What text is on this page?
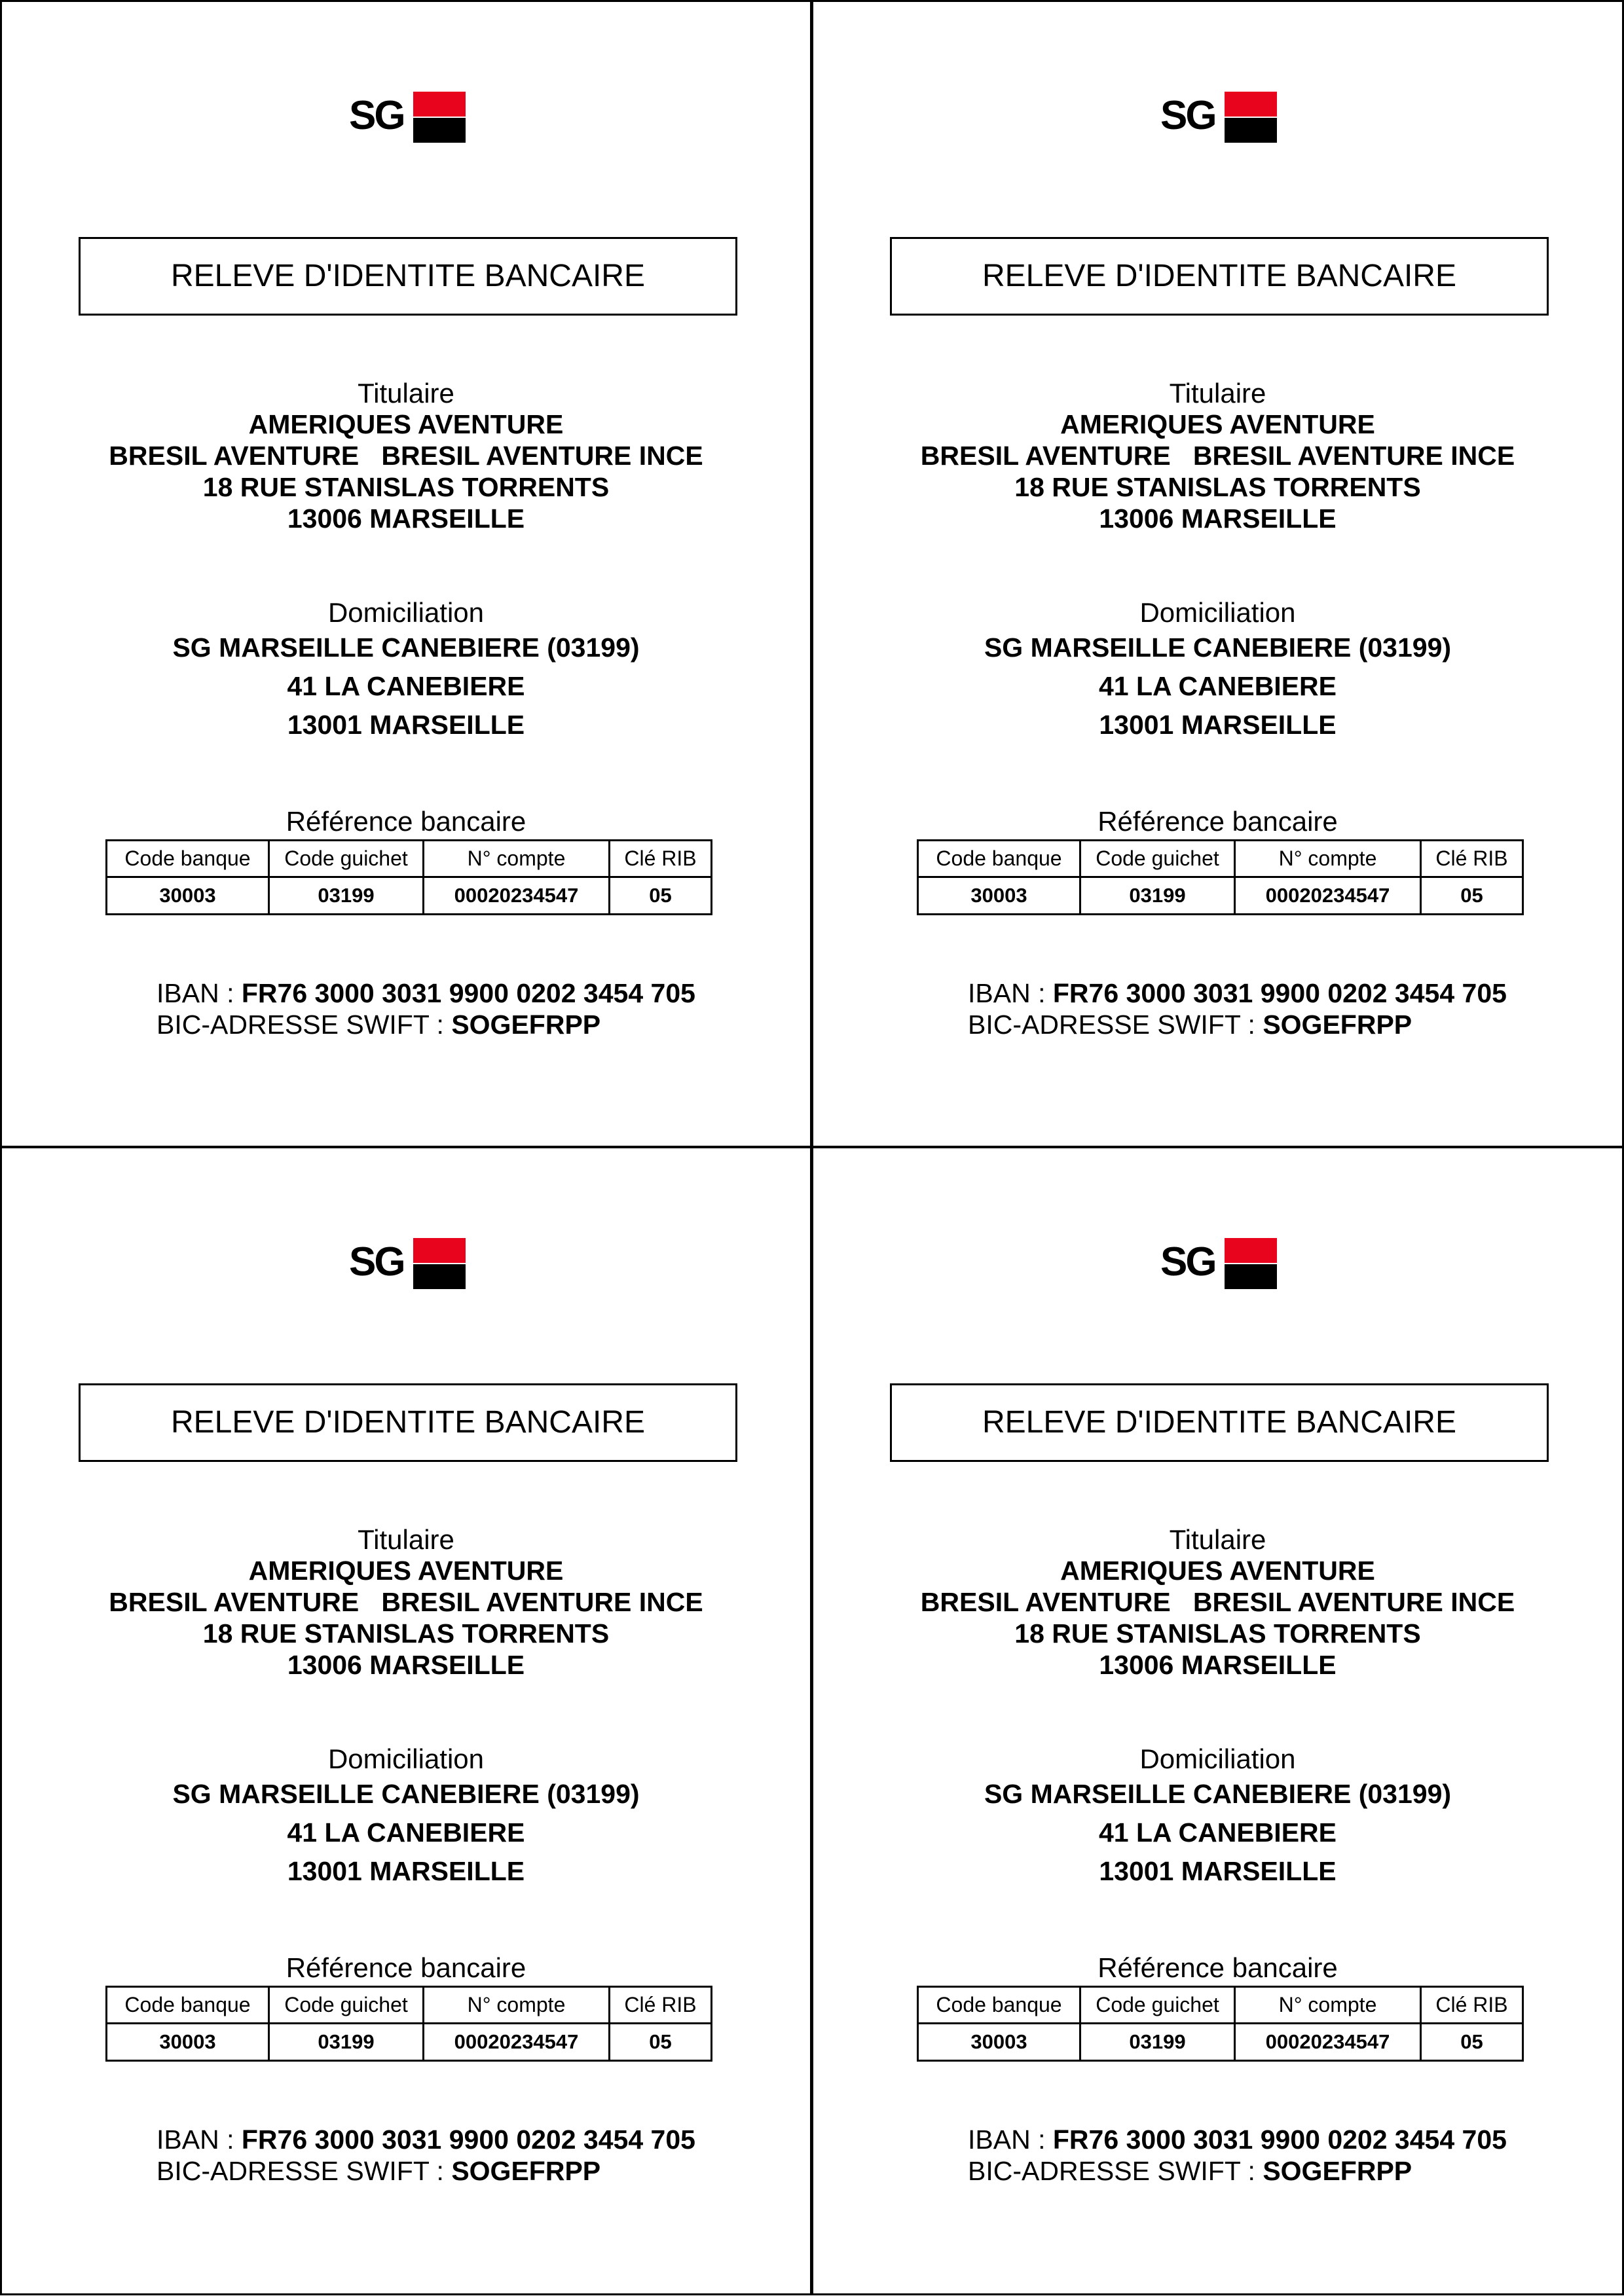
SG
RELEVE D'IDENTITE BANCAIRE
Titulaire
AMERIQUES AVENTURE
BRESIL AVENTURE   BRESIL AVENTURE INCE
18 RUE STANISLAS TORRENTS
13006 MARSEILLE
Domiciliation
SG MARSEILLE CANEBIERE (03199)
41 LA CANEBIERE
13001 MARSEILLE
Référence bancaire
Code banque	Code guichet	N° compte	Clé RIB
30003	03199	00020234547	05
IBAN : FR76 3000 3031 9900 0202 3454 705
BIC-ADRESSE SWIFT : SOGEFRPP
SG
RELEVE D'IDENTITE BANCAIRE
Titulaire
AMERIQUES AVENTURE
BRESIL AVENTURE   BRESIL AVENTURE INCE
18 RUE STANISLAS TORRENTS
13006 MARSEILLE
Domiciliation
SG MARSEILLE CANEBIERE (03199)
41 LA CANEBIERE
13001 MARSEILLE
Référence bancaire
Code banque	Code guichet	N° compte	Clé RIB
30003	03199	00020234547	05
IBAN : FR76 3000 3031 9900 0202 3454 705
BIC-ADRESSE SWIFT : SOGEFRPP
SG
RELEVE D'IDENTITE BANCAIRE
Titulaire
AMERIQUES AVENTURE
BRESIL AVENTURE   BRESIL AVENTURE INCE
18 RUE STANISLAS TORRENTS
13006 MARSEILLE
Domiciliation
SG MARSEILLE CANEBIERE (03199)
41 LA CANEBIERE
13001 MARSEILLE
Référence bancaire
Code banque	Code guichet	N° compte	Clé RIB
30003	03199	00020234547	05
IBAN : FR76 3000 3031 9900 0202 3454 705
BIC-ADRESSE SWIFT : SOGEFRPP
SG
RELEVE D'IDENTITE BANCAIRE
Titulaire
AMERIQUES AVENTURE
BRESIL AVENTURE   BRESIL AVENTURE INCE
18 RUE STANISLAS TORRENTS
13006 MARSEILLE
Domiciliation
SG MARSEILLE CANEBIERE (03199)
41 LA CANEBIERE
13001 MARSEILLE
Référence bancaire
Code banque	Code guichet	N° compte	Clé RIB
30003	03199	00020234547	05
IBAN : FR76 3000 3031 9900 0202 3454 705
BIC-ADRESSE SWIFT : SOGEFRPP
